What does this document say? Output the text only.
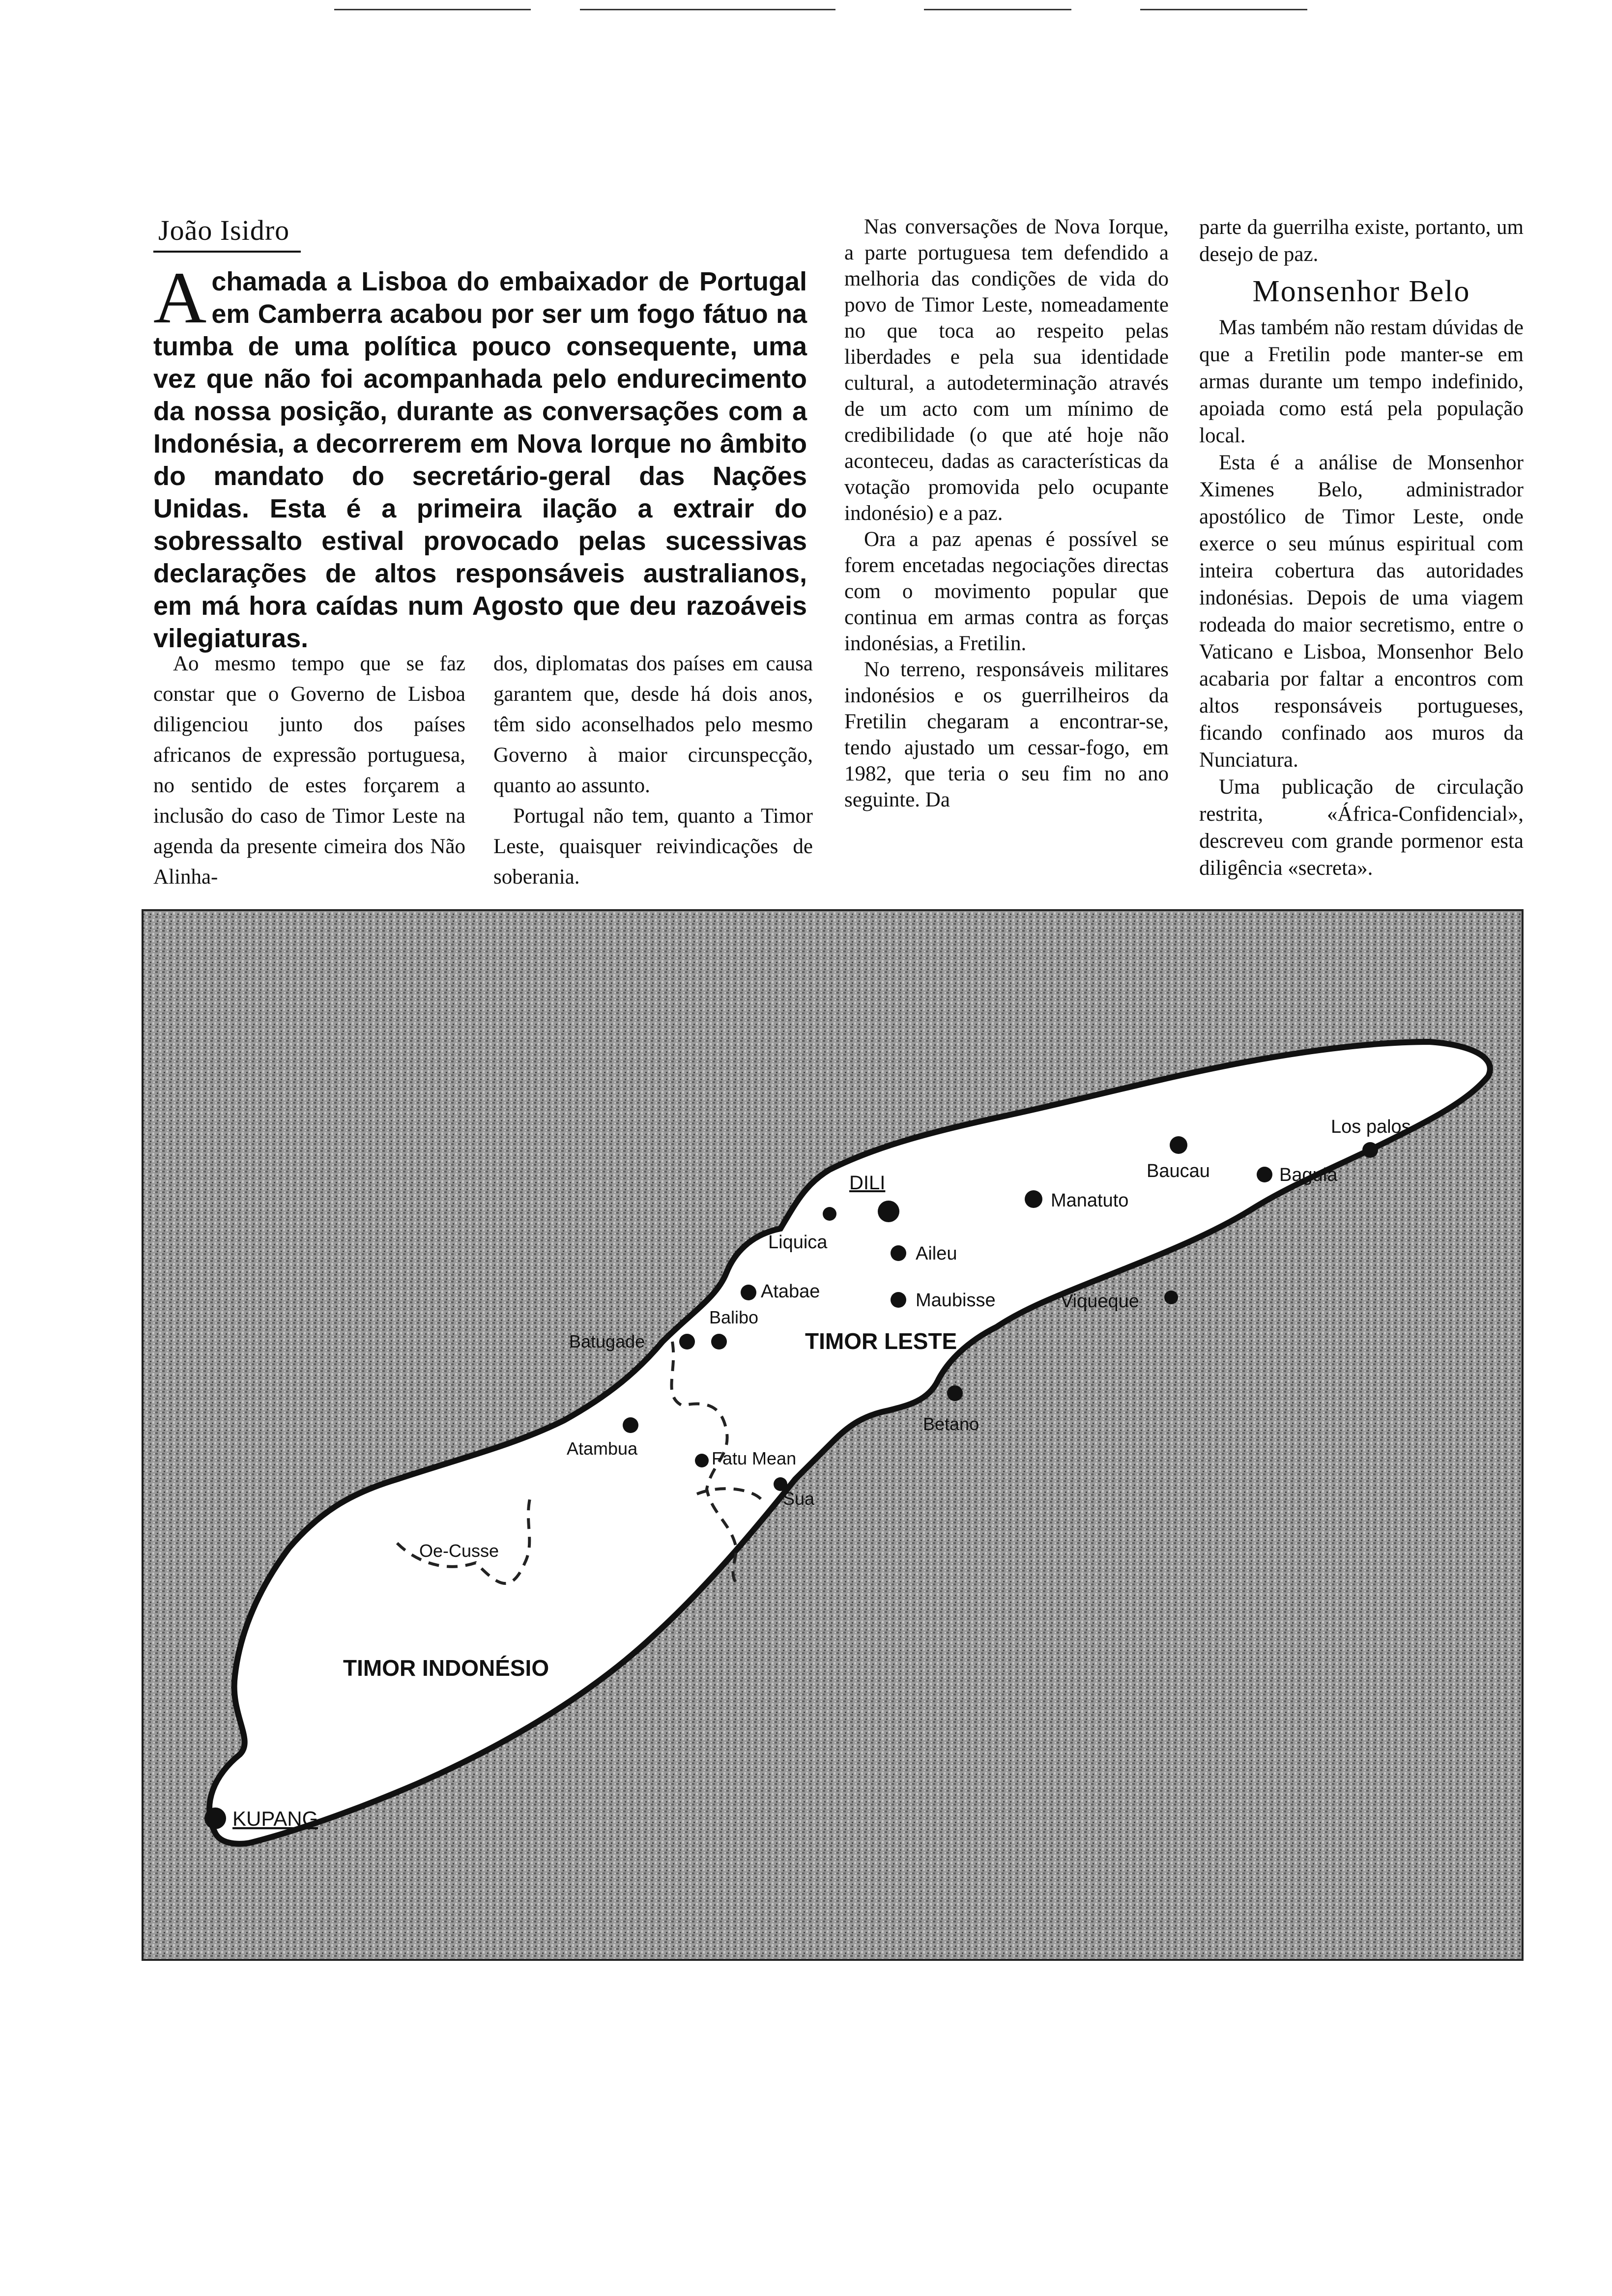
João Isidro
A chamada a Lisboa do embaixador de Portugal em Camberra acabou por ser um fogo fátuo na tumba de uma política pouco consequente, uma vez que não foi acompanhada pelo endurecimento da nossa posição, durante as conversações com a Indonésia, a decorrerem em Nova Iorque no âmbito do mandato do secretário-geral das Nações Unidas. Esta é a primeira ilação a extrair do sobressalto estival provocado pelas sucessivas declarações de altos responsáveis australianos, em má hora caídas num Agosto que deu razoáveis vilegiaturas.

Ao mesmo tempo que se faz constar que o Governo de Lisboa diligenciou junto dos países africanos de expressão portuguesa, no sentido de estes forçarem a inclusão do caso de Timor Leste na agenda da presente cimeira dos Não Alinha-

dos, diplomatas dos países em causa garantem que, desde há dois anos, têm sido aconselhados pelo mesmo Governo à maior circunspecção, quanto ao assunto.

Portugal não tem, quanto a Timor Leste, quaisquer reivindicações de soberania.

Nas conversações de Nova Iorque, a parte portuguesa tem defendido a melhoria das condições de vida do povo de Timor Leste, nomeadamente no que toca ao respeito pelas liberdades e pela sua identidade cultural, a autodeterminação através de um acto com um mínimo de credibilidade (o que até hoje não aconteceu, dadas as características da votação promovida pelo ocupante indonésio) e a paz.

Ora a paz apenas é possível se forem encetadas negociações directas com o movimento popular que continua em armas contra as forças indonésias, a Fretilin.

No terreno, responsáveis militares indonésios e os guerrilheiros da Fretilin chegaram a encontrar-se, tendo ajustado um cessar-fogo, em 1982, que teria o seu fim no ano seguinte. Da

parte da guerrilha existe, portanto, um desejo de paz.

Monsenhor Belo

Mas também não restam dúvidas de que a Fretilin pode manter-se em armas durante um tempo indefinido, apoiada como está pela população local.

Esta é a análise de Monsenhor Ximenes Belo, administrador apostólico de Timor Leste, onde exerce o seu múnus espiritual com inteira cobertura das autoridades indonésias. Depois de uma viagem rodeada do maior secretismo, entre o Vaticano e Lisboa, Monsenhor Belo acabaria por faltar a encontros com altos responsáveis portugueses, ficando confinado aos muros da Nunciatura.

Uma publicação de circulação restrita, «África-Confidencial», descreveu com grande pormenor esta diligência «secreta».

TIMOR LESTE
TIMOR INDONÉSIO
DILI
Liquica
Aileu
Manatuto
Baucau	Baguia
Los palos
Atabae	Maubisse	Viqueque
Balibo
Batugade
Atambua	Fatu Mean
Sua
Betano
Oe-Cusse
KUPANG
